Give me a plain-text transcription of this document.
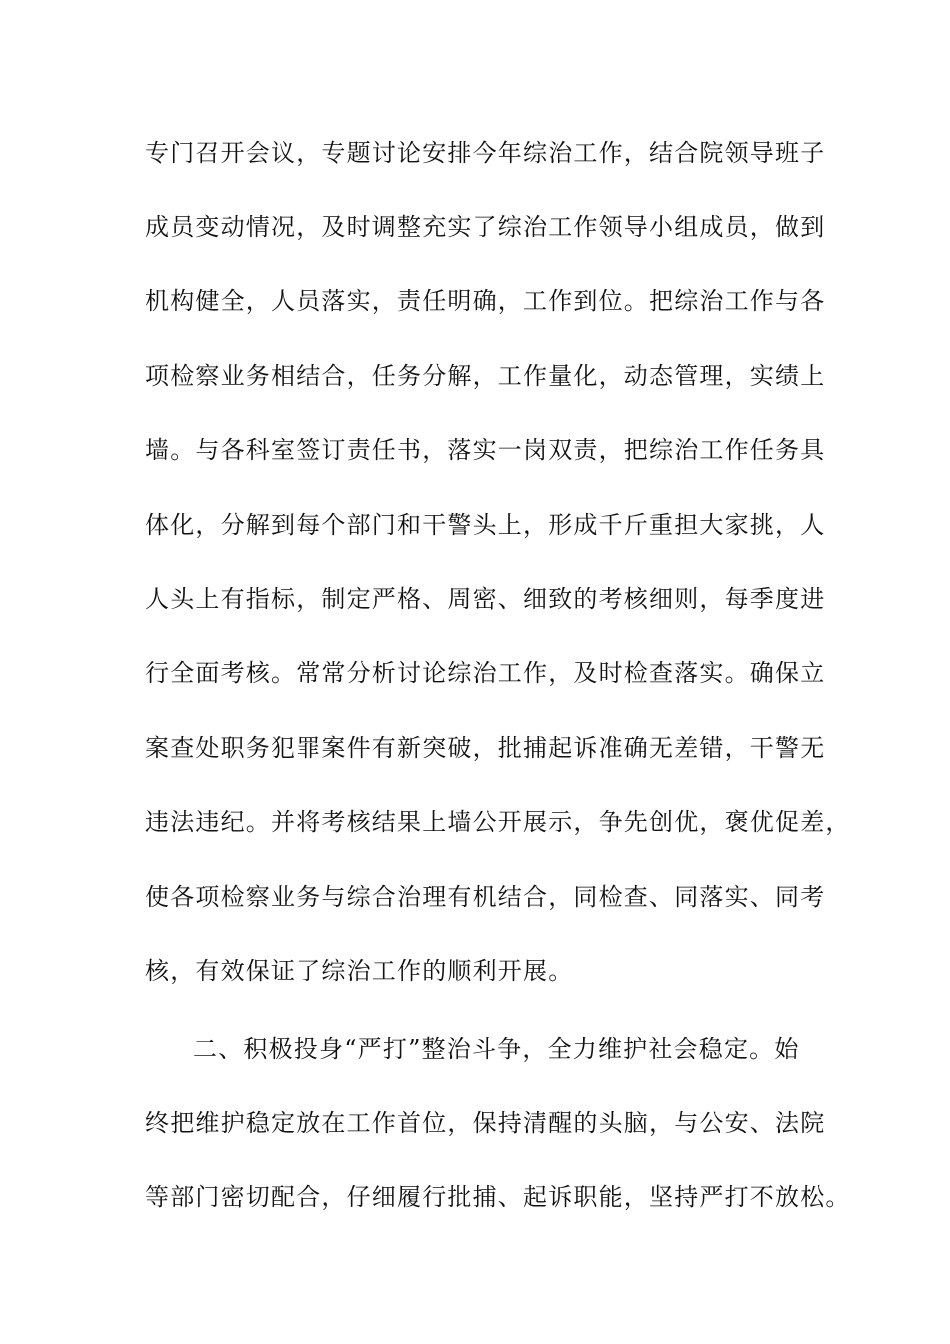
专门召开会议，专题讨论安排今年综治工作，结合院领导班子
成员变动情况，及时调整充实了综治工作领导小组成员，做到
机构健全，人员落实，责任明确，工作到位。把综治工作与各
项检察业务相结合，任务分解，工作量化，动态管理，实绩上
墙。与各科室签订责任书，落实一岗双责，把综治工作任务具
体化，分解到每个部门和干警头上，形成千斤重担大家挑，人
人头上有指标，制定严格、周密、细致的考核细则，每季度进
行全面考核。常常分析讨论综治工作，及时检查落实。确保立
案查处职务犯罪案件有新突破，批捕起诉准确无差错，干警无
违法违纪。并将考核结果上墙公开展示，争先创优，褒优促差，
使各项检察业务与综合治理有机结合，同检查、同落实、同考
核，有效保证了综治工作的顺利开展。
二、积极投身“严打”整治斗争，全力维护社会稳定。始
终把维护稳定放在工作首位，保持清醒的头脑，与公安、法院
等部门密切配合，仔细履行批捕、起诉职能，坚持严打不放松。
